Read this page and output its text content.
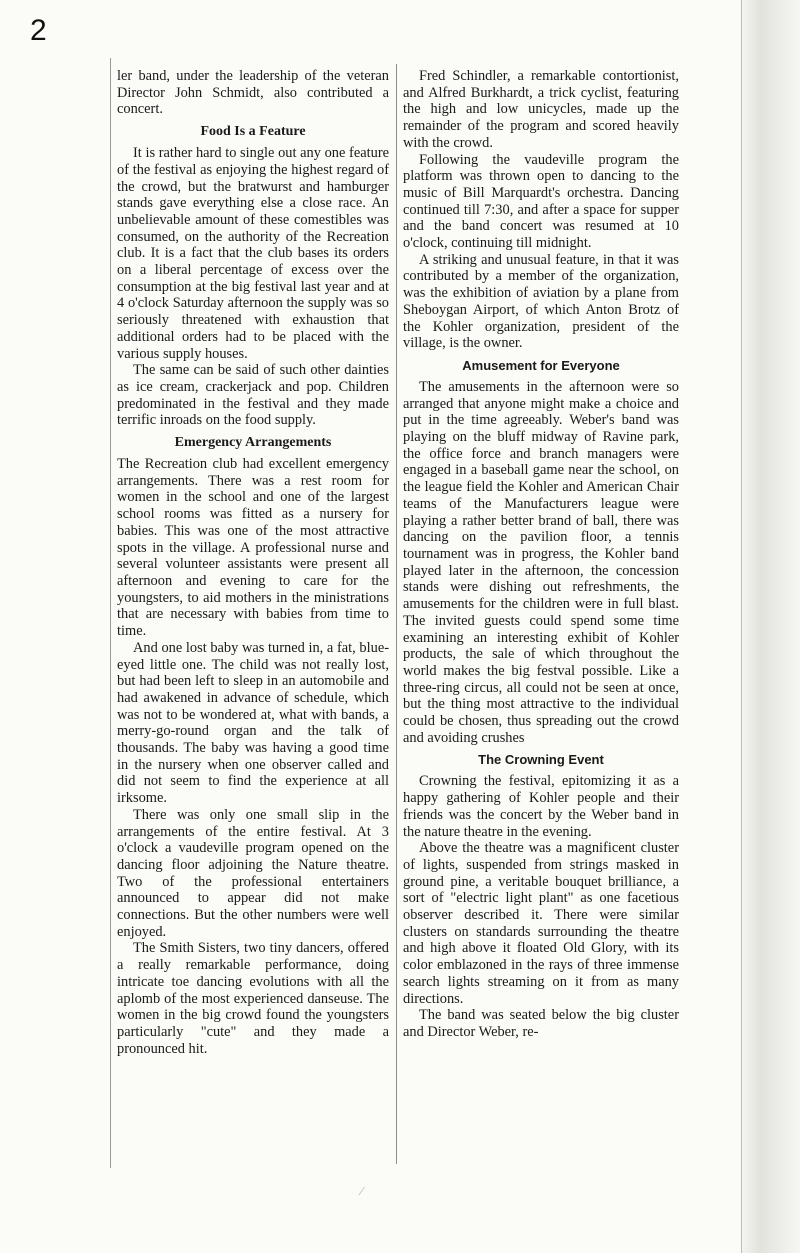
2

ler band, under the leadership of the veteran Director John Schmidt, also contributed a concert.

Food Is a Feature

It is rather hard to single out any one feature of the festival as enjoying the highest regard of the crowd, but the bratwurst and hamburger stands gave everything else a close race. An unbelievable amount of these comestibles was consumed, on the authority of the Recreation club. It is a fact that the club bases its orders on a liberal percentage of excess over the consumption at the big festival last year and at 4 o'clock Saturday afternoon the supply was so seriously threatened with exhaustion that additional orders had to be placed with the various supply houses.

The same can be said of such other dainties as ice cream, crackerjack and pop. Children predominated in the festival and they made terrific inroads on the food supply.

Emergency Arrangements

The Recreation club had excellent emergency arrangements. There was a rest room for women in the school and one of the largest school rooms was fitted as a nursery for babies. This was one of the most attractive spots in the village. A professional nurse and several volunteer assistants were present all afternoon and evening to care for the youngsters, to aid mothers in the ministrations that are necessary with babies from time to time.

And one lost baby was turned in, a fat, blue-eyed little one. The child was not really lost, but had been left to sleep in an automobile and had awakened in advance of schedule, which was not to be wondered at, what with bands, a merry-go-round organ and the talk of thousands. The baby was having a good time in the nursery when one observer called and did not seem to find the experience at all irksome.

There was only one small slip in the arrangements of the entire festival. At 3 o'clock a vaudeville program opened on the dancing floor adjoining the Nature theatre. Two of the professional entertainers announced to appear did not make connections. But the other numbers were well enjoyed.

The Smith Sisters, two tiny dancers, offered a really remarkable performance, doing intricate toe dancing evolutions with all the aplomb of the most experienced danseuse. The women in the big crowd found the youngsters particularly "cute" and they made a pronounced hit.

Fred Schindler, a remarkable contortionist, and Alfred Burkhardt, a trick cyclist, featuring the high and low unicycles, made up the remainder of the program and scored heavily with the crowd.

Following the vaudeville program the platform was thrown open to dancing to the music of Bill Marquardt's orchestra. Dancing continued till 7:30, and after a space for supper and the band concert was resumed at 10 o'clock, continuing till midnight.

A striking and unusual feature, in that it was contributed by a member of the organization, was the exhibition of aviation by a plane from Sheboygan Airport, of which Anton Brotz of the Kohler organization, president of the village, is the owner.

Amusement for Everyone

The amusements in the afternoon were so arranged that anyone might make a choice and put in the time agreeably. Weber's band was playing on the bluff midway of Ravine park, the office force and branch managers were engaged in a baseball game near the school, on the league field the Kohler and American Chair teams of the Manufacturers league were playing a rather better brand of ball, there was dancing on the pavilion floor, a tennis tournament was in progress, the Kohler band played later in the afternoon, the concession stands were dishing out refreshments, the amusements for the children were in full blast. The invited guests could spend some time examining an interesting exhibit of Kohler products, the sale of which throughout the world makes the big festval possible. Like a three-ring circus, all could not be seen at once, but the thing most attractive to the individual could be chosen, thus spreading out the crowd and avoiding crushes

The Crowning Event

Crowning the festival, epitomizing it as a happy gathering of Kohler people and their friends was the concert by the Weber band in the nature theatre in the evening.

Above the theatre was a magnificent cluster of lights, suspended from strings masked in ground pine, a veritable bouquet brilliance, a sort of "electric light plant" as one facetious observer described it. There were similar clusters on standards surrounding the theatre and high above it floated Old Glory, with its color emblazoned in the rays of three immense search lights streaming on it from as many directions.

The band was seated below the big cluster and Director Weber, re-
